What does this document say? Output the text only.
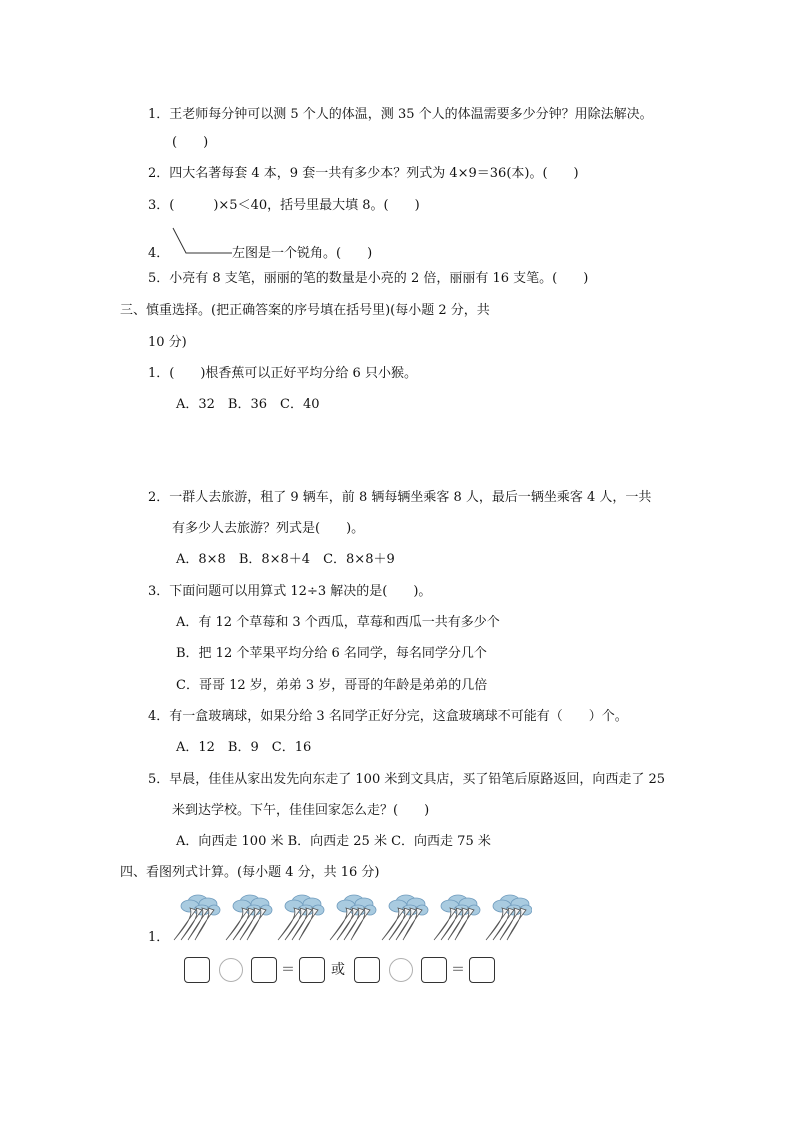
1．王老师每分钟可以测 5 个人的体温，测 35 个人的体温需要多少分钟？用除法解决。
(　　)
2．四大名著每套 4 本，9 套一共有多少本？列式为 4×9＝36(本)。(　　)
3．(　　　)×5＜40，括号里最大填 8。(　　)
4．	左图是一个锐角。(　　)
5．小亮有 8 支笔，丽丽的笔的数量是小亮的 2 倍，丽丽有 16 支笔。(　　)
三、慎重选择。(把正确答案的序号填在括号里)(每小题 2 分，共
10 分)
1．(　　)根香蕉可以正好平均分给 6 只小猴。
A．32　B．36　C．40
2．一群人去旅游，租了 9 辆车，前 8 辆每辆坐乘客 8 人，最后一辆坐乘客 4 人，一共
有多少人去旅游？列式是(　　)。
A．8×8　B．8×8＋4　C．8×8＋9
3．下面问题可以用算式 12÷3 解决的是(　　)。
A．有 12 个草莓和 3 个西瓜，草莓和西瓜一共有多少个
B．把 12 个苹果平均分给 6 名同学，每名同学分几个
C．哥哥 12 岁，弟弟 3 岁，哥哥的年龄是弟弟的几倍
4．有一盒玻璃球，如果分给 3 名同学正好分完，这盒玻璃球不可能有（　　）个。
A．12　B．9　C．16
5．早晨，佳佳从家出发先向东走了 100 米到文具店，买了铅笔后原路返回，向西走了 25
米到达学校。下午，佳佳回家怎么走？(　　)
A．向西走 100 米 B．向西走 25 米 C．向西走 75 米
四、看图列式计算。(每小题 4 分，共 16 分)
1．
＝	或	＝
